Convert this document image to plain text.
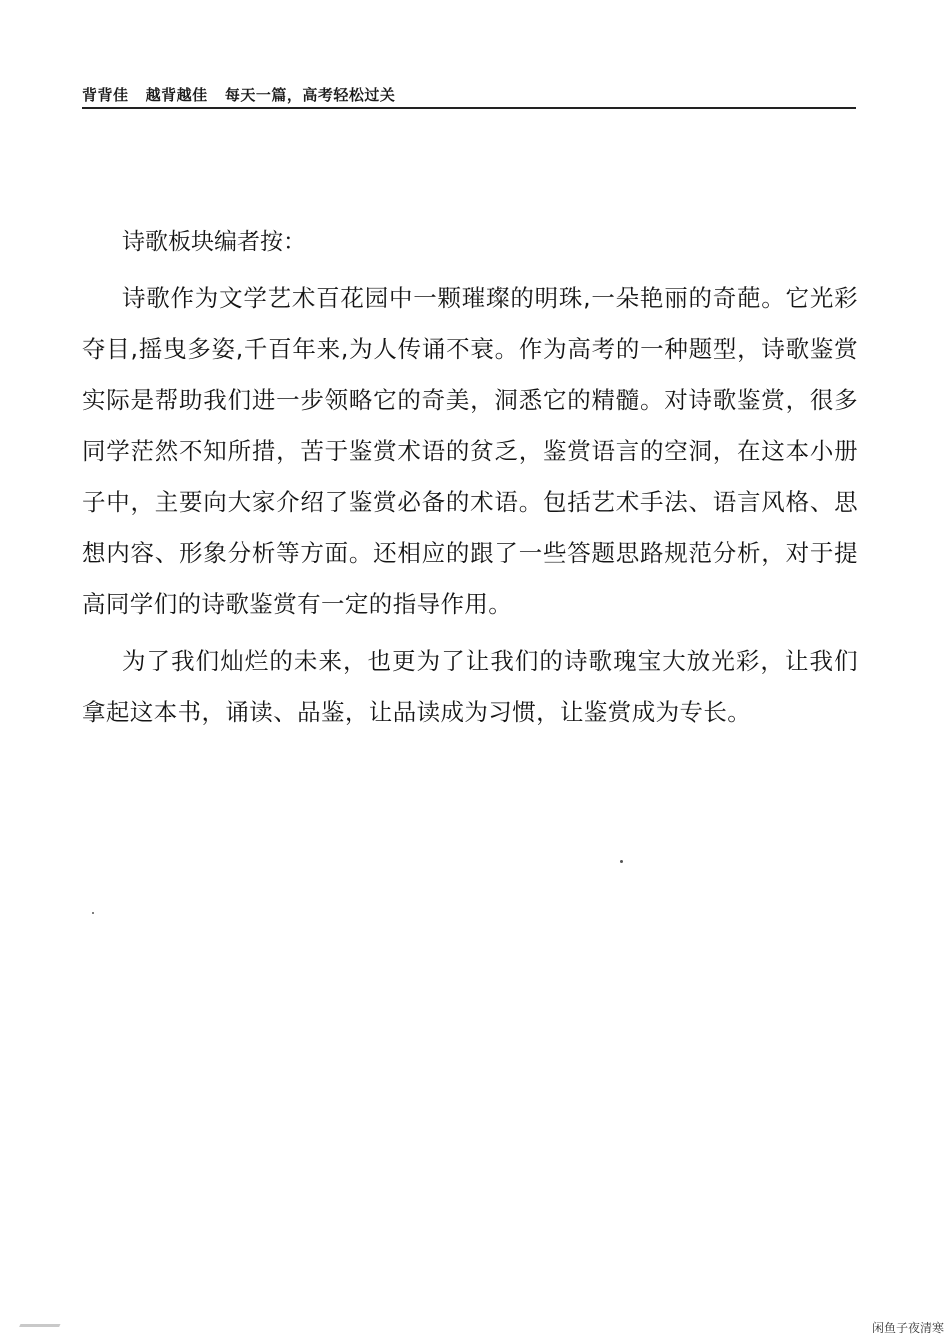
背背佳   越背越佳   每天一篇，高考轻松过关

诗歌板块编者按：

诗歌作为文学艺术百花园中一颗璀璨的明珠,一朵艳丽的奇葩。它光彩夺目,摇曳多姿,千百年来,为人传诵不衰。作为高考的一种题型，诗歌鉴赏实际是帮助我们进一步领略它的奇美，洞悉它的精髓。对诗歌鉴赏，很多同学茫然不知所措，苦于鉴赏术语的贫乏，鉴赏语言的空洞，在这本小册子中，主要向大家介绍了鉴赏必备的术语。包括艺术手法、语言风格、思想内容、形象分析等方面。还相应的跟了一些答题思路规范分析，对于提高同学们的诗歌鉴赏有一定的指导作用。

为了我们灿烂的未来，也更为了让我们的诗歌瑰宝大放光彩，让我们拿起这本书，诵读、品鉴，让品读成为习惯，让鉴赏成为专长。

闲鱼子夜清寒
